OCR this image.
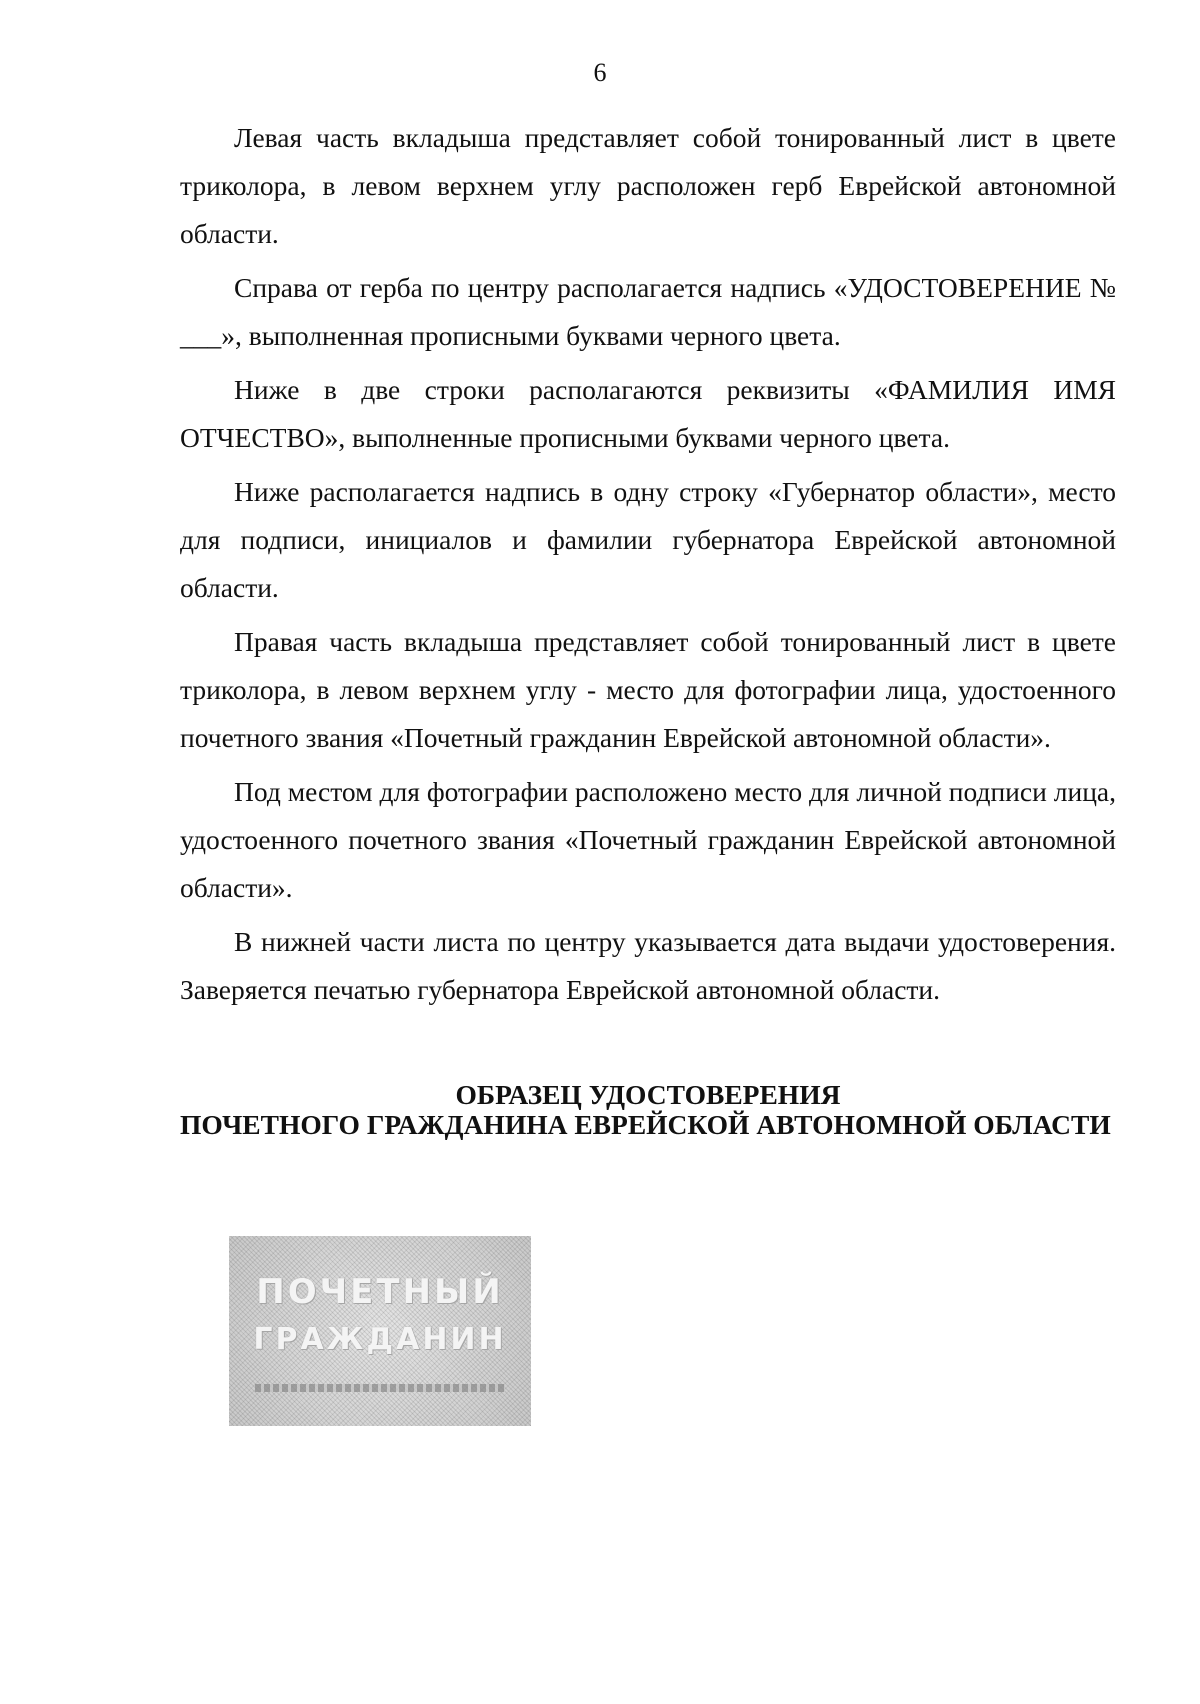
6

Левая часть вкладыша представляет собой тонированный лист в цвете триколора, в левом верхнем углу расположен герб Еврейской автономной области.

Справа от герба по центру располагается надпись «УДОСТОВЕРЕНИЕ № ___», выполненная прописными буквами черного цвета.

Ниже в две строки располагаются реквизиты «ФАМИЛИЯ ИМЯ ОТЧЕСТВО», выполненные прописными буквами черного цвета.

Ниже располагается надпись в одну строку «Губернатор области», место для подписи, инициалов и фамилии губернатора Еврейской автономной области.

Правая часть вкладыша представляет собой тонированный лист в цвете триколора, в левом верхнем углу - место для фотографии лица, удостоенного почетного звания «Почетный гражданин Еврейской автономной области».

Под местом для фотографии расположено место для личной подписи лица, удостоенного почетного звания «Почетный гражданин Еврейской автономной области».

В нижней части листа по центру указывается дата выдачи удостоверения. Заверяется печатью губернатора Еврейской автономной области.

ОБРАЗЕЦ УДОСТОВЕРЕНИЯ
ПОЧЕТНОГО ГРАЖДАНИНА ЕВРЕЙСКОЙ АВТОНОМНОЙ ОБЛАСТИ
ПОЧЕТНЫЙ
ГРАЖДАНИН
